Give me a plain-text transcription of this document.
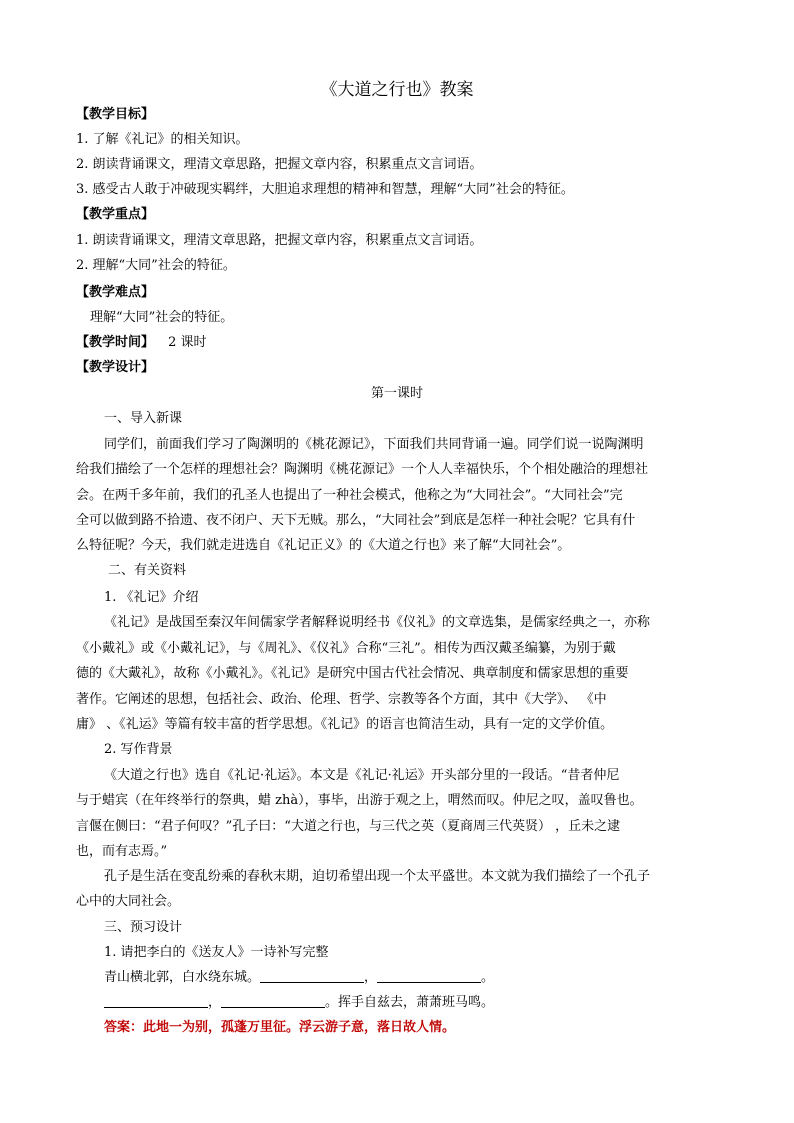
《大道之行也》教案
【教学目标】
1. 了解《礼记》的相关知识。
2. 朗读背诵课文，理清文章思路，把握文章内容，积累重点文言词语。
3. 感受古人敢于冲破现实羁绊，大胆追求理想的精神和智慧，理解“大同”社会的特征。
【教学重点】
1. 朗读背诵课文，理清文章思路，把握文章内容，积累重点文言词语。
2. 理解“大同”社会的特征。
【教学难点】
理解“大同”社会的特征。
【教学时间】 2 课时
【教学设计】
第一课时
一、导入新课
同学们，前面我们学习了陶渊明的《桃花源记》，下面我们共同背诵一遍。同学们说一说陶渊明
给我们描绘了一个怎样的理想社会？陶渊明《桃花源记》一个人人幸福快乐，个个相处融洽的理想社
会。在两千多年前，我们的孔圣人也提出了一种社会模式，他称之为“大同社会”。“大同社会”完
全可以做到路不拾遗、夜不闭户、天下无贼。那么，“大同社会”到底是怎样一种社会呢？它具有什
么特征呢？今天，我们就走进选自《礼记正义》的《大道之行也》来了解“大同社会”。
二、有关资料
1. 《礼记》介绍
《礼记》是战国至秦汉年间儒家学者解释说明经书《仪礼》的文章选集，是儒家经典之一，亦称
《小戴礼》或《小戴礼记》，与《周礼》、《仪礼》合称“三礼”。相传为西汉戴圣编纂，为别于戴
德的《大戴礼》，故称《小戴礼》。《礼记》是研究中国古代社会情况、典章制度和儒家思想的重要
著作。它阐述的思想，包括社会、政治、伦理、哲学、宗教等各个方面，其中《大学》、 《中
庸》 、《礼运》等篇有较丰富的哲学思想。《礼记》的语言也简洁生动，具有一定的文学价值。
2. 写作背景
《大道之行也》选自《礼记·礼运》。本文是《礼记·礼运》开头部分里的一段话。“昔者仲尼
与于蜡宾（在年终举行的祭典，蜡 zhà），事毕，出游于观之上，喟然而叹。仲尼之叹，盖叹鲁也。
言偃在侧曰：“君子何叹？”孔子曰：“大道之行也，与三代之英（夏商周三代英贤） ，丘未之逮
也，而有志焉。”
孔子是生活在变乱纷乘的春秋末期，迫切希望出现一个太平盛世。本文就为我们描绘了一个孔子
心中的大同社会。
三、预习设计
1. 请把李白的《送友人》一诗补写完整
青山横北郭，白水绕东城。	，	。
，	。挥手自兹去，萧萧班马鸣。
答案：此地一为别，孤蓬万里征。浮云游子意，落日故人情。
